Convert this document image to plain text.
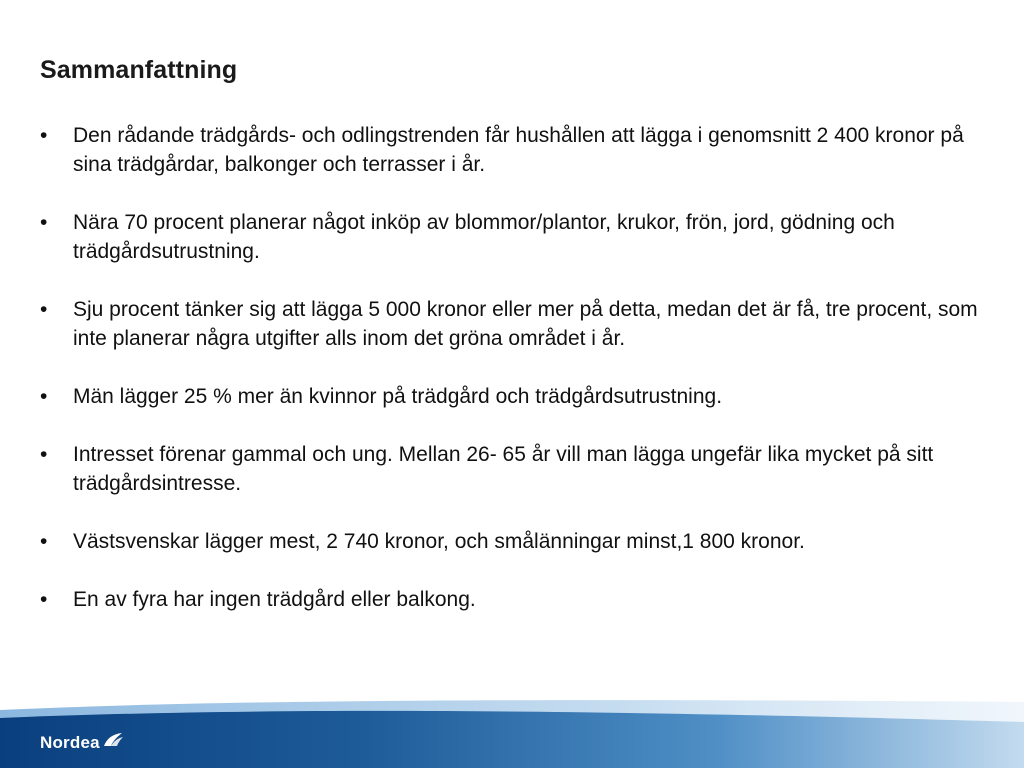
Sammanfattning
• Den rådande trädgårds- och odlingstrenden får hushållen att lägga i genomsnitt 2 400 kronor på sina trädgårdar, balkonger och terrasser i år.
• Nära 70 procent planerar något inköp av blommor/plantor, krukor, frön, jord, gödning och trädgårdsutrustning.
• Sju procent tänker sig att lägga 5 000 kronor eller mer på detta, medan det är få, tre procent, som inte planerar några utgifter alls inom det gröna området i år.
• Män lägger 25 % mer än kvinnor på trädgård och trädgårdsutrustning.
• Intresset förenar gammal och ung. Mellan 26- 65 år vill man lägga ungefär lika mycket på sitt trädgårdsintresse.
• Västsvenskar lägger mest, 2 740 kronor, och smålänningar minst,1 800 kronor.
• En av fyra har ingen trädgård eller balkong.
Nordea
